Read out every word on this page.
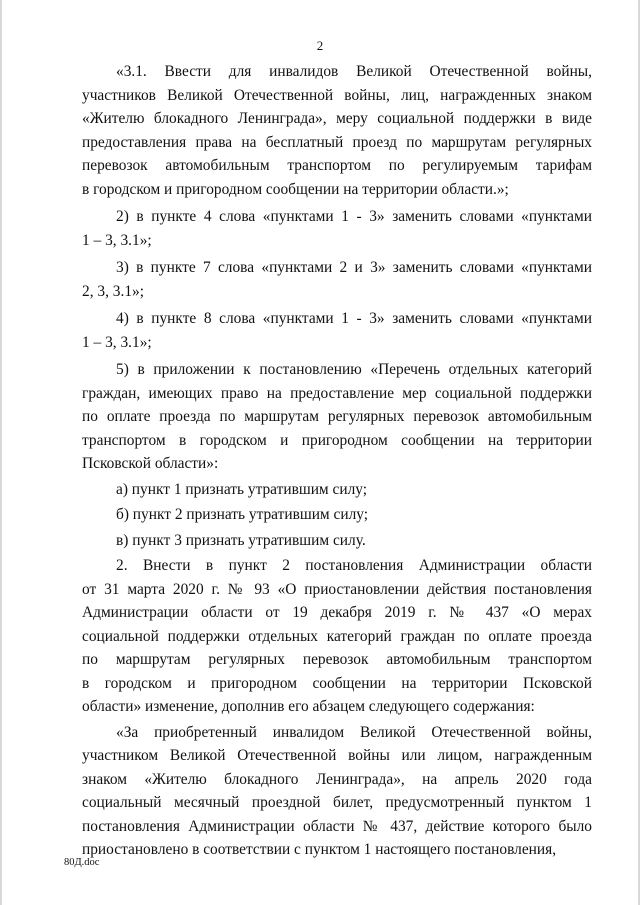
2
«3.1. Ввести для инвалидов Великой Отечественной войны,
участников Великой Отечественной войны, лиц, награжденных знаком
«Жителю блокадного Ленинграда», меру социальной поддержки в виде
предоставления права на бесплатный проезд по маршрутам регулярных
перевозок автомобильным транспортом по регулируемым тарифам
в городском и пригородном сообщении на территории области.»;
2) в пункте 4 слова «пунктами 1 - 3» заменить словами «пунктами
1 – 3, 3.1»;
3) в пункте 7 слова «пунктами 2 и 3» заменить словами «пунктами
2, 3, 3.1»;
4) в пункте 8 слова «пунктами 1 - 3» заменить словами «пунктами
1 – 3, 3.1»;
5) в приложении к постановлению «Перечень отдельных категорий
граждан, имеющих право на предоставление мер социальной поддержки
по оплате проезда по маршрутам регулярных перевозок автомобильным
транспортом в городском и пригородном сообщении на территории
Псковской области»:
а) пункт 1 признать утратившим силу;
б) пункт 2 признать утратившим силу;
в) пункт 3 признать утратившим силу.
2. Внести в пункт 2 постановления Администрации области
от 31 марта 2020 г. № 93 «О приостановлении действия постановления
Администрации области от 19 декабря 2019 г. № 437 «О мерах
социальной поддержки отдельных категорий граждан по оплате проезда
по маршрутам регулярных перевозок автомобильным транспортом
в городском и пригородном сообщении на территории Псковской
области» изменение, дополнив его абзацем следующего содержания:
«За приобретенный инвалидом Великой Отечественной войны,
участником Великой Отечественной войны или лицом, награжденным
знаком «Жителю блокадного Ленинграда», на апрель 2020 года
социальный месячный проездной билет, предусмотренный пунктом 1
постановления Администрации области № 437, действие которого было
приостановлено в соответствии с пунктом 1 настоящего постановления,
80Д.doc
